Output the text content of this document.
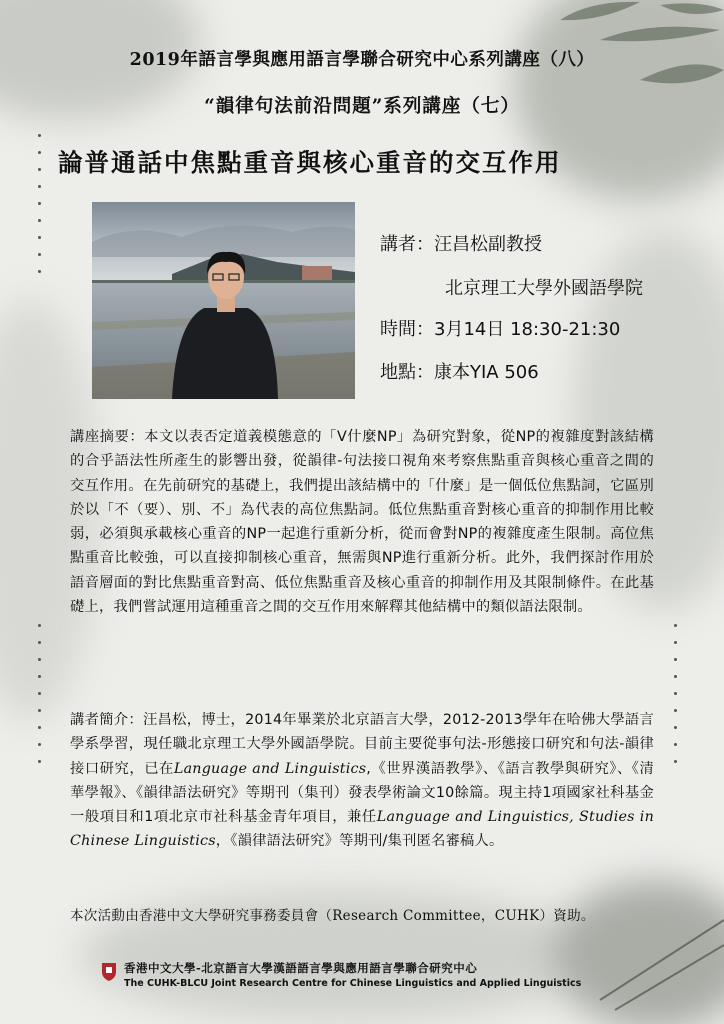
2019年語言學與應用語言學聯合研究中心系列講座（八）
“韻律句法前沿問題”系列講座（七）
論普通話中焦點重音與核心重音的交互作用
講者：汪昌松副教授
北京理工大學外國語學院
時間：3月14日 18:30-21:30
地點：康本YIA 506
講座摘要：本文以表否定道義模態意的「V什麼NP」為研究對象，從NP的複雜度對該結構的合乎語法性所產生的影響出發，從韻律-句法接口視角來考察焦點重音與核心重音之間的交互作用。在先前研究的基礎上，我們提出該結構中的「什麼」是一個低位焦點詞，它區別於以「不（要）、別、不」為代表的高位焦點詞。低位焦點重音對核心重音的抑制作用比較弱，必須與承載核心重音的NP一起進行重新分析，從而會對NP的複雜度產生限制。高位焦點重音比較強，可以直接抑制核心重音，無需與NP進行重新分析。此外，我們探討作用於語音層面的對比焦點重音對高、低位焦點重音及核心重音的抑制作用及其限制條件。在此基礎上，我們嘗試運用這種重音之間的交互作用來解釋其他結構中的類似語法限制。
講者簡介：汪昌松，博士，2014年畢業於北京語言大學，2012-2013學年在哈佛大學語言學系學習，現任職北京理工大學外國語學院。目前主要從事句法-形態接口研究和句法-韻律接口研究，已在Language and Linguistics,《世界漢語教學》、《語言教學與研究》、《清華學報》、《韻律語法研究》等期刊（集刊）發表學術論文10餘篇。現主持1項國家社科基金一般項目和1項北京市社科基金青年項目，兼任Language and Linguistics, Studies in Chinese Linguistics，《韻律語法研究》等期刊/集刊匿名審稿人。
本次活動由香港中文大學研究事務委員會（Research Committee，CUHK）資助。
香港中文大學-北京語言大學漢語語言學與應用語言學聯合研究中心
The CUHK-BLCU Joint Research Centre for Chinese Linguistics and Applied Linguistics
